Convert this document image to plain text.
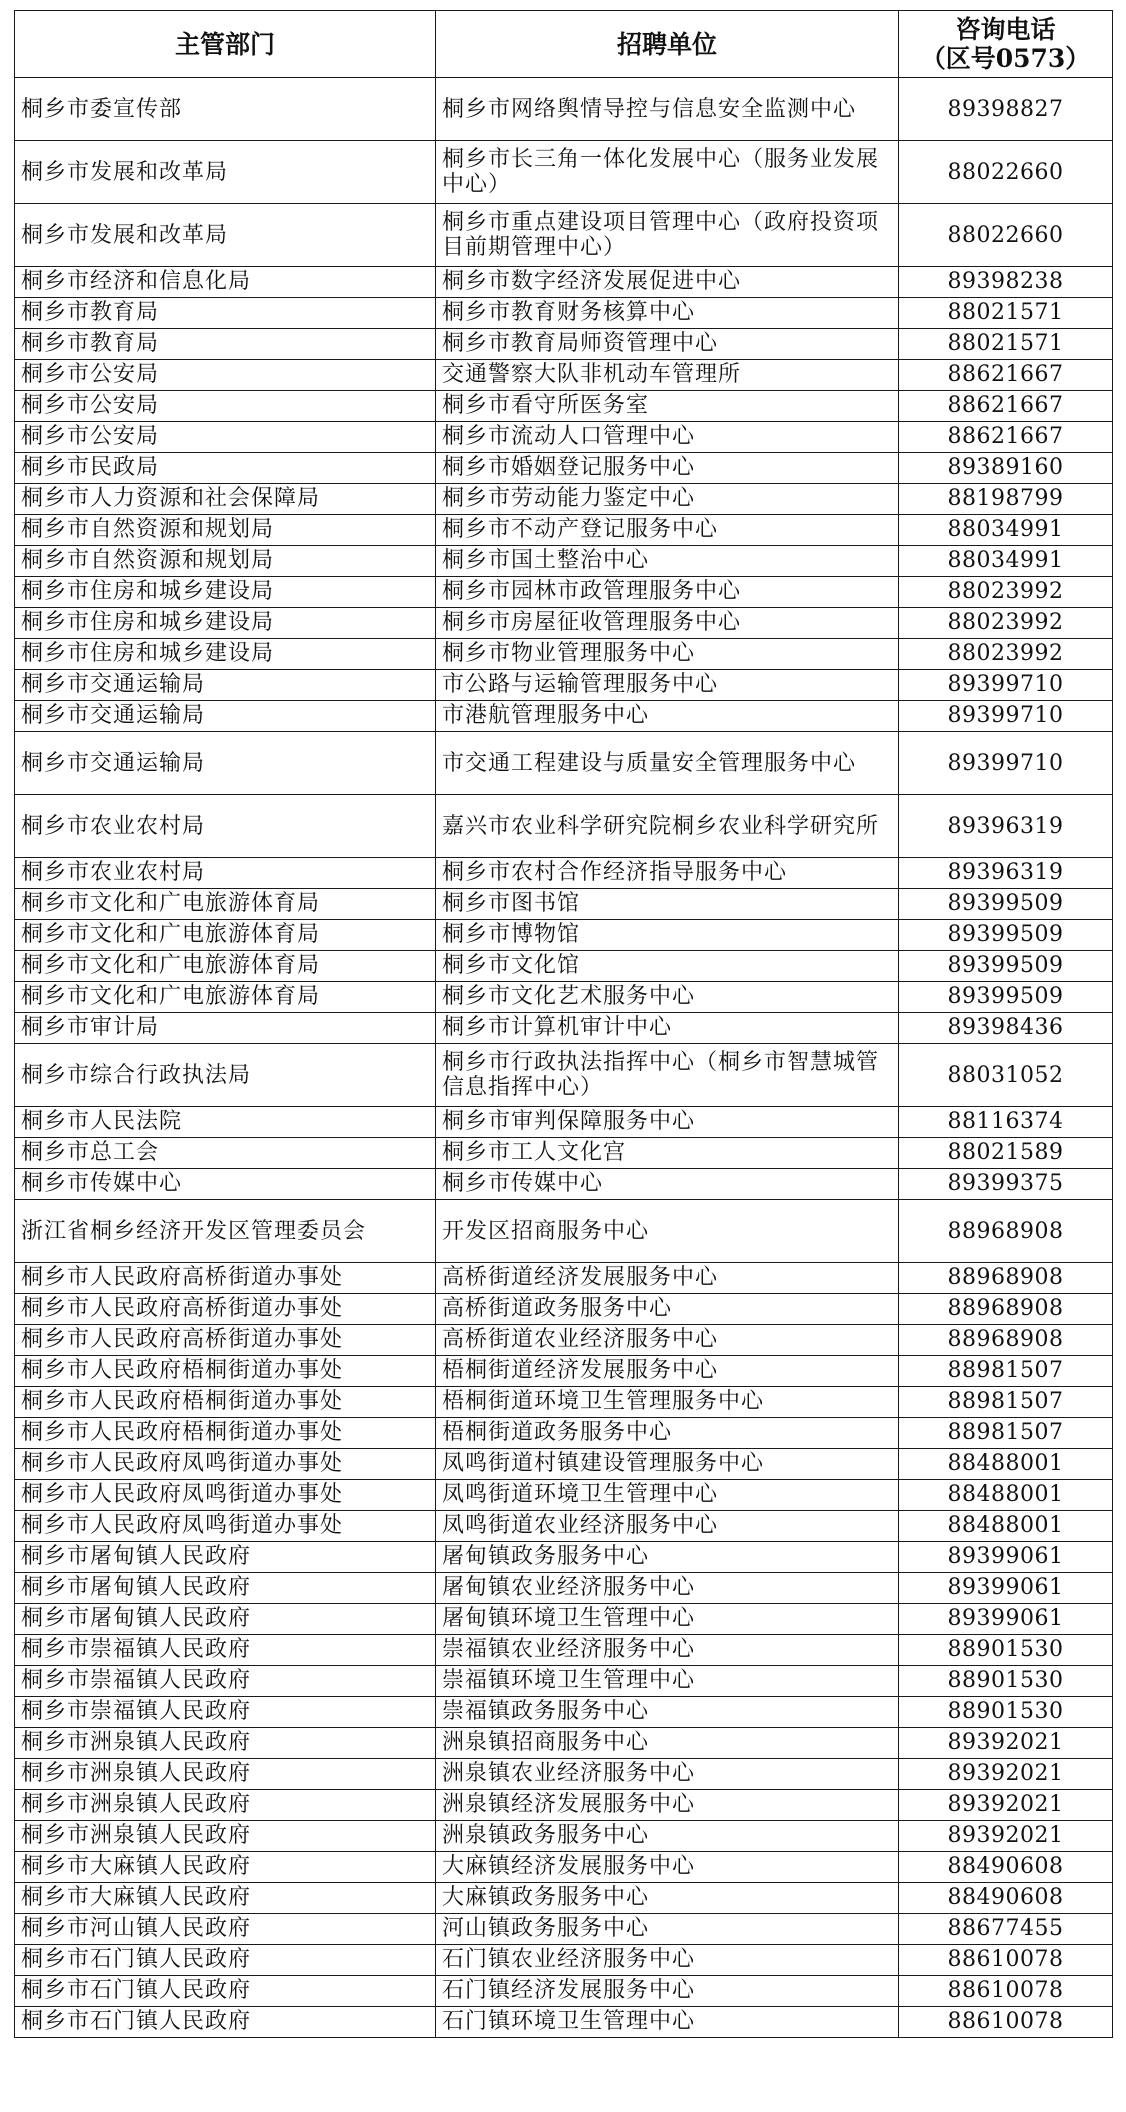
主管部门	招聘单位	咨询电话
（区号0573）

桐乡市委宣传部	桐乡市网络舆情导控与信息安全监测中心	89398827
桐乡市发展和改革局	桐乡市长三角一体化发展中心（服务业发展中心）	88022660
桐乡市发展和改革局	桐乡市重点建设项目管理中心（政府投资项目前期管理中心）	88022660
桐乡市经济和信息化局	桐乡市数字经济发展促进中心	89398238
桐乡市教育局	桐乡市教育财务核算中心	88021571
桐乡市教育局	桐乡市教育局师资管理中心	88021571
桐乡市公安局	交通警察大队非机动车管理所	88621667
桐乡市公安局	桐乡市看守所医务室	88621667
桐乡市公安局	桐乡市流动人口管理中心	88621667
桐乡市民政局	桐乡市婚姻登记服务中心	89389160
桐乡市人力资源和社会保障局	桐乡市劳动能力鉴定中心	88198799
桐乡市自然资源和规划局	桐乡市不动产登记服务中心	88034991
桐乡市自然资源和规划局	桐乡市国土整治中心	88034991
桐乡市住房和城乡建设局	桐乡市园林市政管理服务中心	88023992
桐乡市住房和城乡建设局	桐乡市房屋征收管理服务中心	88023992
桐乡市住房和城乡建设局	桐乡市物业管理服务中心	88023992
桐乡市交通运输局	市公路与运输管理服务中心	89399710
桐乡市交通运输局	市港航管理服务中心	89399710
桐乡市交通运输局	市交通工程建设与质量安全管理服务中心	89399710
桐乡市农业农村局	嘉兴市农业科学研究院桐乡农业科学研究所	89396319
桐乡市农业农村局	桐乡市农村合作经济指导服务中心	89396319
桐乡市文化和广电旅游体育局	桐乡市图书馆	89399509
桐乡市文化和广电旅游体育局	桐乡市博物馆	89399509
桐乡市文化和广电旅游体育局	桐乡市文化馆	89399509
桐乡市文化和广电旅游体育局	桐乡市文化艺术服务中心	89399509
桐乡市审计局	桐乡市计算机审计中心	89398436
桐乡市综合行政执法局	桐乡市行政执法指挥中心（桐乡市智慧城管信息指挥中心）	88031052
桐乡市人民法院	桐乡市审判保障服务中心	88116374
桐乡市总工会	桐乡市工人文化宫	88021589
桐乡市传媒中心	桐乡市传媒中心	89399375
浙江省桐乡经济开发区管理委员会	开发区招商服务中心	88968908
桐乡市人民政府高桥街道办事处	高桥街道经济发展服务中心	88968908
桐乡市人民政府高桥街道办事处	高桥街道政务服务中心	88968908
桐乡市人民政府高桥街道办事处	高桥街道农业经济服务中心	88968908
桐乡市人民政府梧桐街道办事处	梧桐街道经济发展服务中心	88981507
桐乡市人民政府梧桐街道办事处	梧桐街道环境卫生管理服务中心	88981507
桐乡市人民政府梧桐街道办事处	梧桐街道政务服务中心	88981507
桐乡市人民政府凤鸣街道办事处	凤鸣街道村镇建设管理服务中心	88488001
桐乡市人民政府凤鸣街道办事处	凤鸣街道环境卫生管理中心	88488001
桐乡市人民政府凤鸣街道办事处	凤鸣街道农业经济服务中心	88488001
桐乡市屠甸镇人民政府	屠甸镇政务服务中心	89399061
桐乡市屠甸镇人民政府	屠甸镇农业经济服务中心	89399061
桐乡市屠甸镇人民政府	屠甸镇环境卫生管理中心	89399061
桐乡市崇福镇人民政府	崇福镇农业经济服务中心	88901530
桐乡市崇福镇人民政府	崇福镇环境卫生管理中心	88901530
桐乡市崇福镇人民政府	崇福镇政务服务中心	88901530
桐乡市洲泉镇人民政府	洲泉镇招商服务中心	89392021
桐乡市洲泉镇人民政府	洲泉镇农业经济服务中心	89392021
桐乡市洲泉镇人民政府	洲泉镇经济发展服务中心	89392021
桐乡市洲泉镇人民政府	洲泉镇政务服务中心	89392021
桐乡市大麻镇人民政府	大麻镇经济发展服务中心	88490608
桐乡市大麻镇人民政府	大麻镇政务服务中心	88490608
桐乡市河山镇人民政府	河山镇政务服务中心	88677455
桐乡市石门镇人民政府	石门镇农业经济服务中心	88610078
桐乡市石门镇人民政府	石门镇经济发展服务中心	88610078
桐乡市石门镇人民政府	石门镇环境卫生管理中心	88610078
